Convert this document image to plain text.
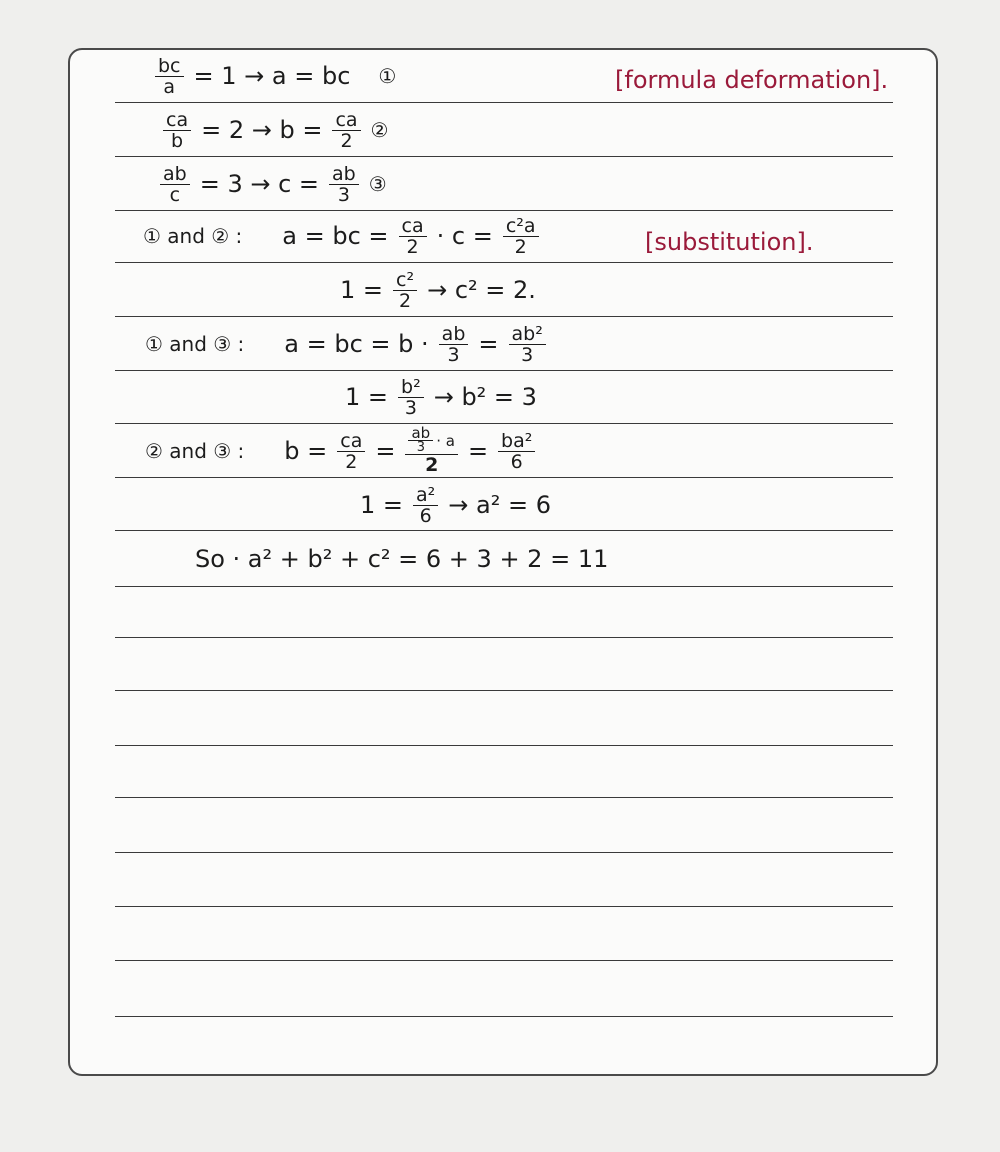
$\frac{bc}{a} = 1 \to a$ = bc ①	[formula deformation].
$\frac{ca}{b} = 2 \to b = \frac{ca}{2}$ ②
$\frac{ab}{c} = 3 \to c = \frac{ab}{3}$ ③
① and ② : a = bc = $\frac{ca}{2} \cdot c = \frac{\text{c²a}}{2}$	[substitution].
$1 = \frac{\text{c²}}{2} \to c^2 = 2$.
① and ③ : a = bc = $b \cdot \frac{ab}{3} = \frac{\text{ab²}}{3}$
$1 = \frac{\text{b²}}{3} \to b^2 = 3$
② and ③ : $b = \frac{ca}{2} = \frac{\frac{ab}{3} \cdot a}{2} = \frac{\text{ba²}}{6}$
$1 = \frac{\text{a²}}{6} \to a^2 = 6$
So · a² + b² + c² = 6 + 3 + 2 = 11
